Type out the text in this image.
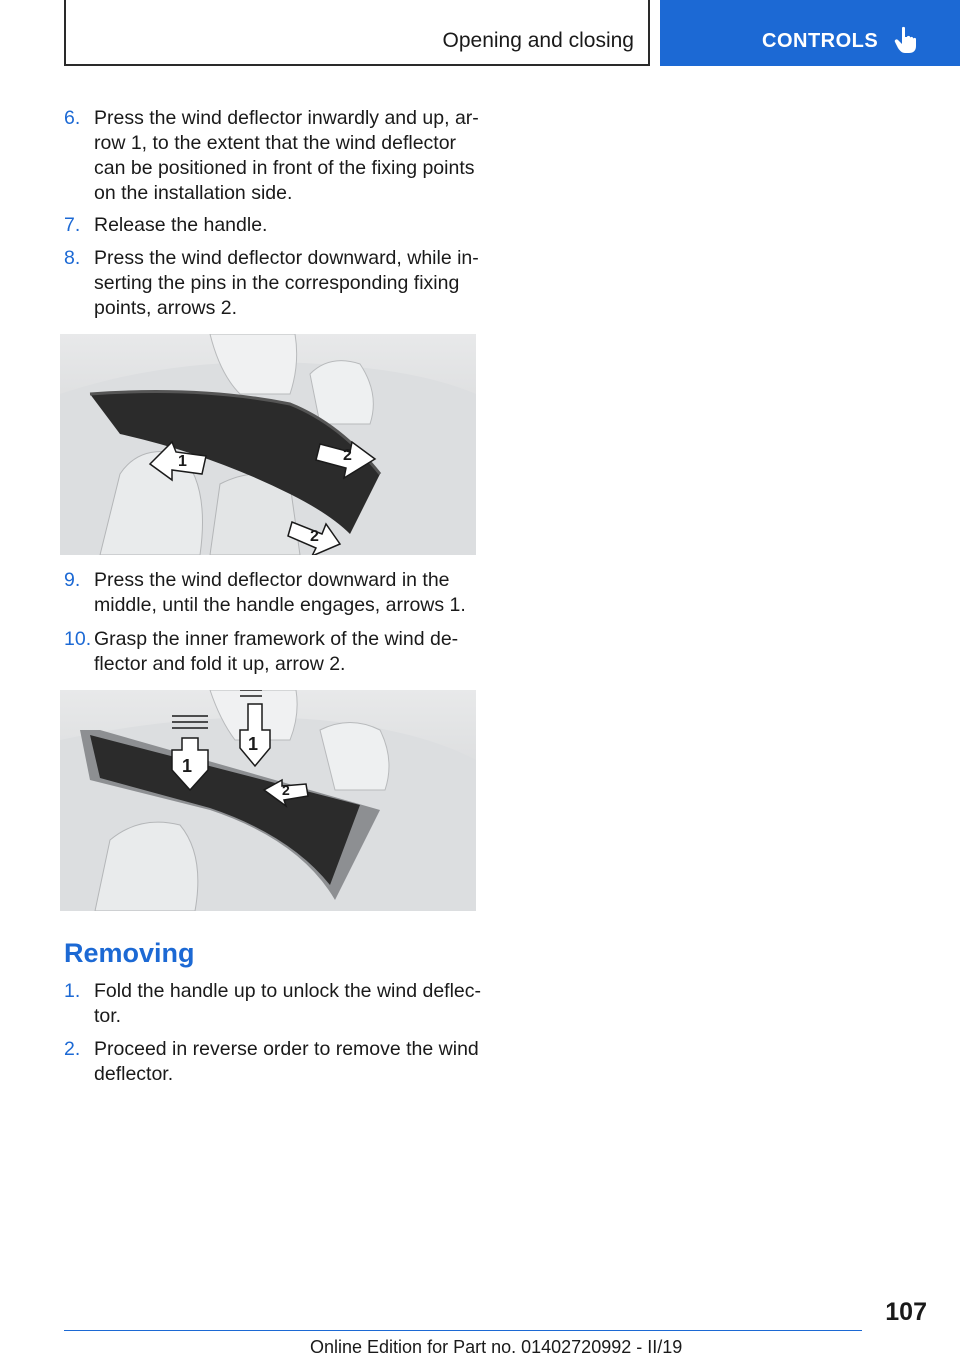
Opening and closing	CONTROLS
6. Press the wind deflector inwardly and up, ar‐ row 1, to the extent that the wind deflector can be positioned in front of the fixing points on the installation side.
7. Release the handle.
8. Press the wind deflector downward, while in‐ serting the pins in the corresponding fixing points, arrows 2.
1	2
2
9. Press the wind deflector downward in the middle, until the handle engages, arrows 1.
10. Grasp the inner framework of the wind de‐ flector and fold it up, arrow 2.
1
1
2
Removing
1. Fold the handle up to unlock the wind deflec‐ tor.
2. Proceed in reverse order to remove the wind deflector.
107
Online Edition for Part no. 01402720992 - II/19
